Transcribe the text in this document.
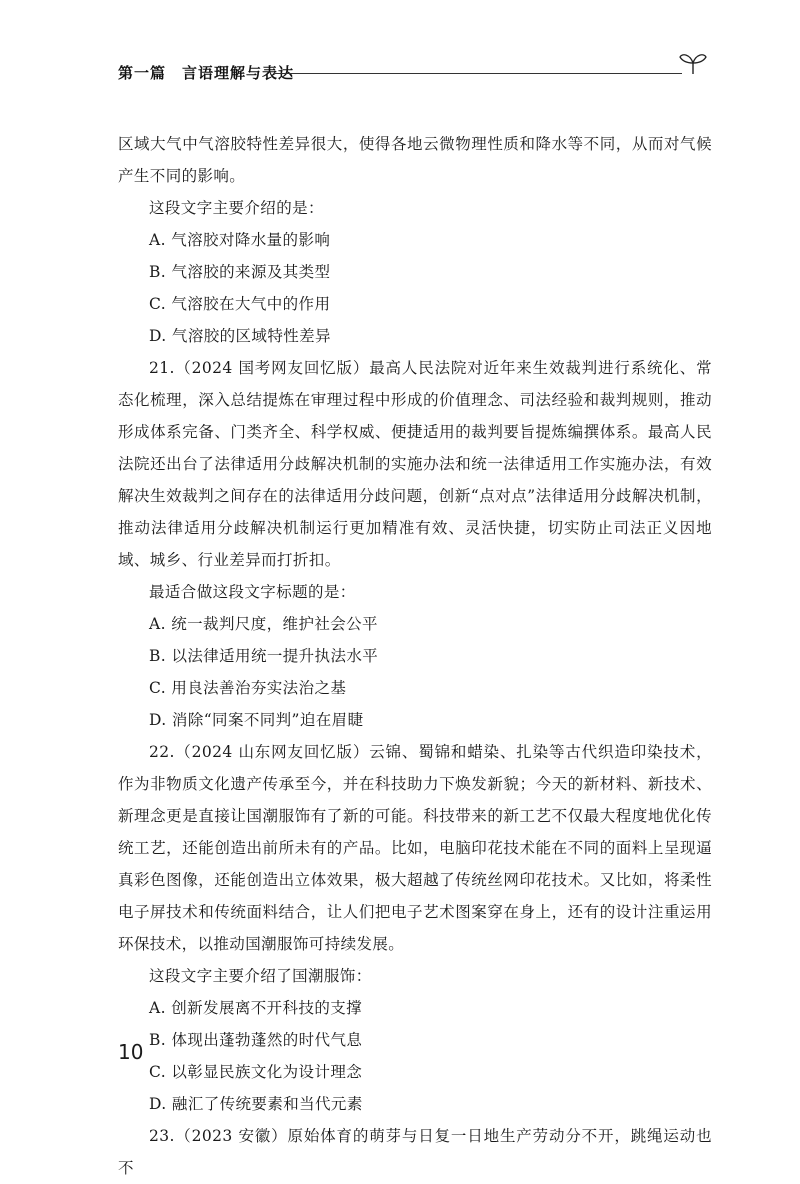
第一篇　言语理解与表达

区域大气中气溶胶特性差异很大，使得各地云微物理性质和降水等不同，从而对气候产生不同的影响。

这段文字主要介绍的是：

A. 气溶胶对降水量的影响

B. 气溶胶的来源及其类型

C. 气溶胶在大气中的作用

D. 气溶胶的区域特性差异

21.（2024 国考网友回忆版）最高人民法院对近年来生效裁判进行系统化、常态化梳理，深入总结提炼在审理过程中形成的价值理念、司法经验和裁判规则，推动形成体系完备、门类齐全、科学权威、便捷适用的裁判要旨提炼编撰体系。最高人民法院还出台了法律适用分歧解决机制的实施办法和统一法律适用工作实施办法，有效解决生效裁判之间存在的法律适用分歧问题，创新“点对点”法律适用分歧解决机制，推动法律适用分歧解决机制运行更加精准有效、灵活快捷，切实防止司法正义因地域、城乡、行业差异而打折扣。

最适合做这段文字标题的是：

A. 统一裁判尺度，维护社会公平

B. 以法律适用统一提升执法水平

C. 用良法善治夯实法治之基

D. 消除“同案不同判”迫在眉睫

22.（2024 山东网友回忆版）云锦、蜀锦和蜡染、扎染等古代织造印染技术，作为非物质文化遗产传承至今，并在科技助力下焕发新貌；今天的新材料、新技术、新理念更是直接让国潮服饰有了新的可能。科技带来的新工艺不仅最大程度地优化传统工艺，还能创造出前所未有的产品。比如，电脑印花技术能在不同的面料上呈现逼真彩色图像，还能创造出立体效果，极大超越了传统丝网印花技术。又比如，将柔性电子屏技术和传统面料结合，让人们把电子艺术图案穿在身上，还有的设计注重运用环保技术，以推动国潮服饰可持续发展。

这段文字主要介绍了国潮服饰：

A. 创新发展离不开科技的支撑

B. 体现出蓬勃蓬然的时代气息

C. 以彰显民族文化为设计理念

D. 融汇了传统要素和当代元素

23.（2023 安徽）原始体育的萌芽与日复一日地生产劳动分不开，跳绳运动也不

10
